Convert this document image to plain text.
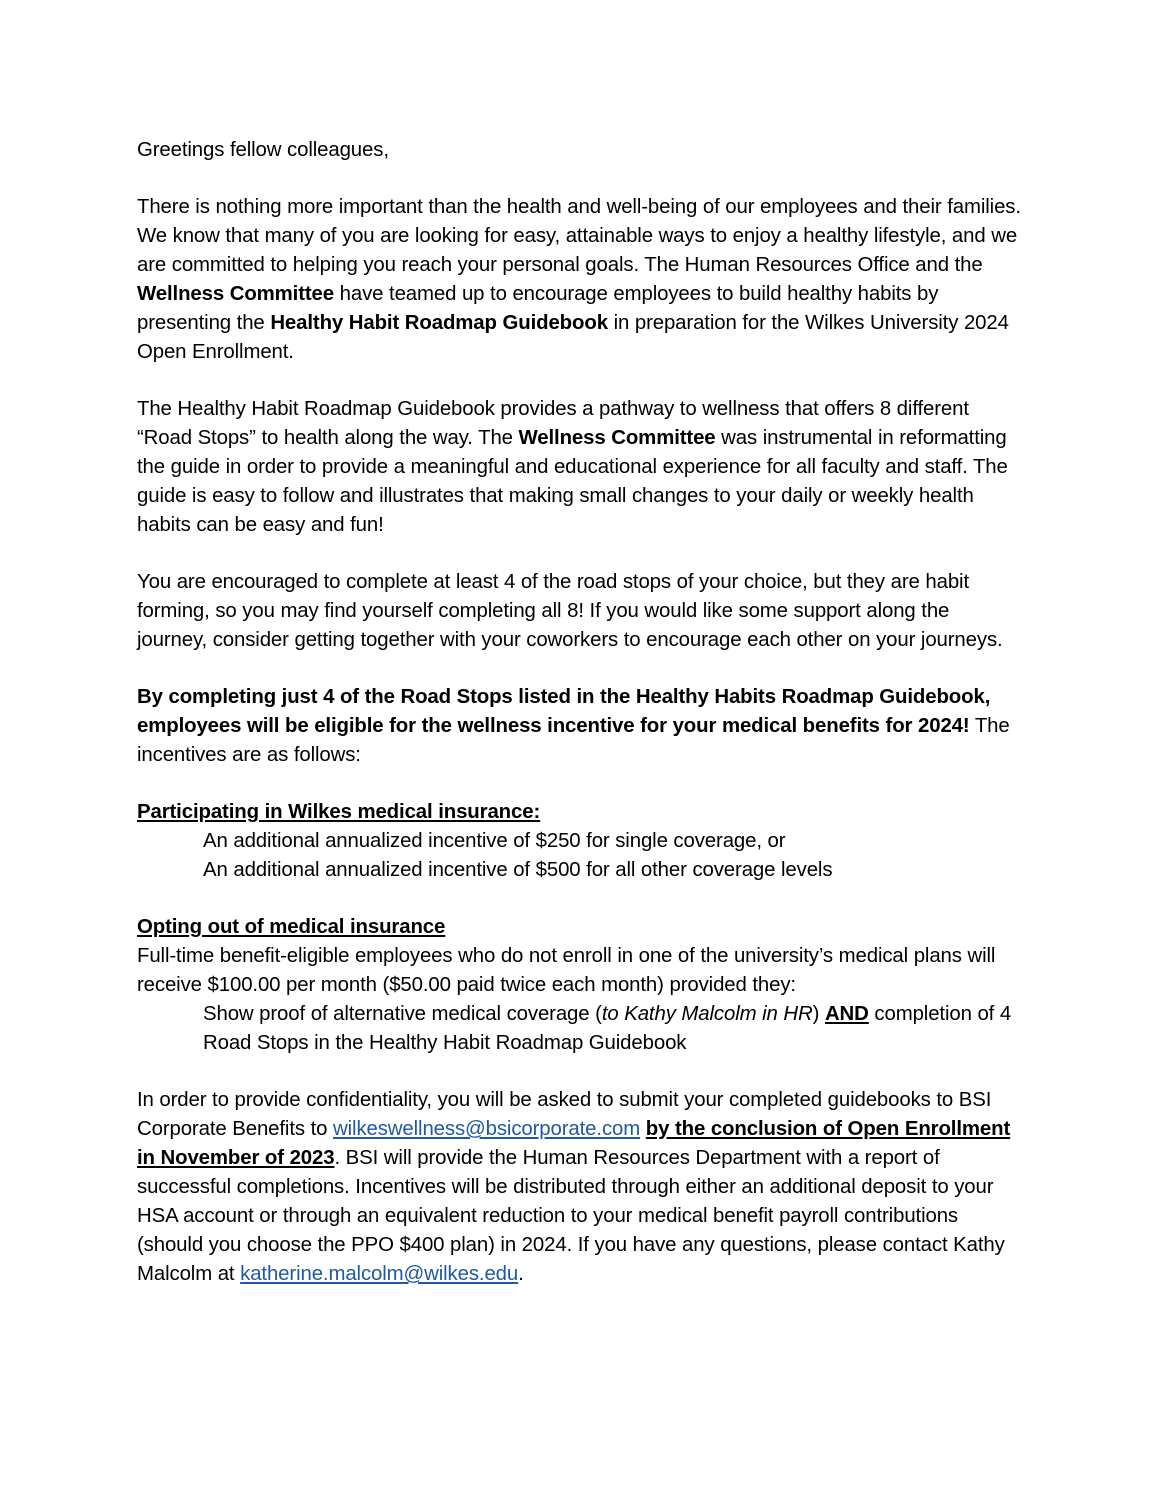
Greetings fellow colleagues,

There is nothing more important than the health and well-being of our employees and their families. We know that many of you are looking for easy, attainable ways to enjoy a healthy lifestyle, and we are committed to helping you reach your personal goals. The Human Resources Office and the Wellness Committee have teamed up to encourage employees to build healthy habits by presenting the Healthy Habit Roadmap Guidebook in preparation for the Wilkes University 2024 Open Enrollment.

The Healthy Habit Roadmap Guidebook provides a pathway to wellness that offers 8 different “Road Stops” to health along the way. The Wellness Committee was instrumental in reformatting the guide in order to provide a meaningful and educational experience for all faculty and staff. The guide is easy to follow and illustrates that making small changes to your daily or weekly health habits can be easy and fun!

You are encouraged to complete at least 4 of the road stops of your choice, but they are habit forming, so you may find yourself completing all 8! If you would like some support along the journey, consider getting together with your coworkers to encourage each other on your journeys.

By completing just 4 of the Road Stops listed in the Healthy Habits Roadmap Guidebook, employees will be eligible for the wellness incentive for your medical benefits for 2024! The incentives are as follows:

Participating in Wilkes medical insurance:

An additional annualized incentive of $250 for single coverage, or
An additional annualized incentive of $500 for all other coverage levels

Opting out of medical insurance

Full-time benefit-eligible employees who do not enroll in one of the university’s medical plans will receive $100.00 per month ($50.00 paid twice each month) provided they:
Show proof of alternative medical coverage (to Kathy Malcolm in HR) AND completion of 4 Road Stops in the Healthy Habit Roadmap Guidebook

In order to provide confidentiality, you will be asked to submit your completed guidebooks to BSI Corporate Benefits to wilkeswellness@bsicorporate.com by the conclusion of Open Enrollment in November of 2023. BSI will provide the Human Resources Department with a report of successful completions. Incentives will be distributed through either an additional deposit to your HSA account or through an equivalent reduction to your medical benefit payroll contributions (should you choose the PPO $400 plan) in 2024. If you have any questions, please contact Kathy Malcolm at katherine.malcolm@wilkes.edu.
